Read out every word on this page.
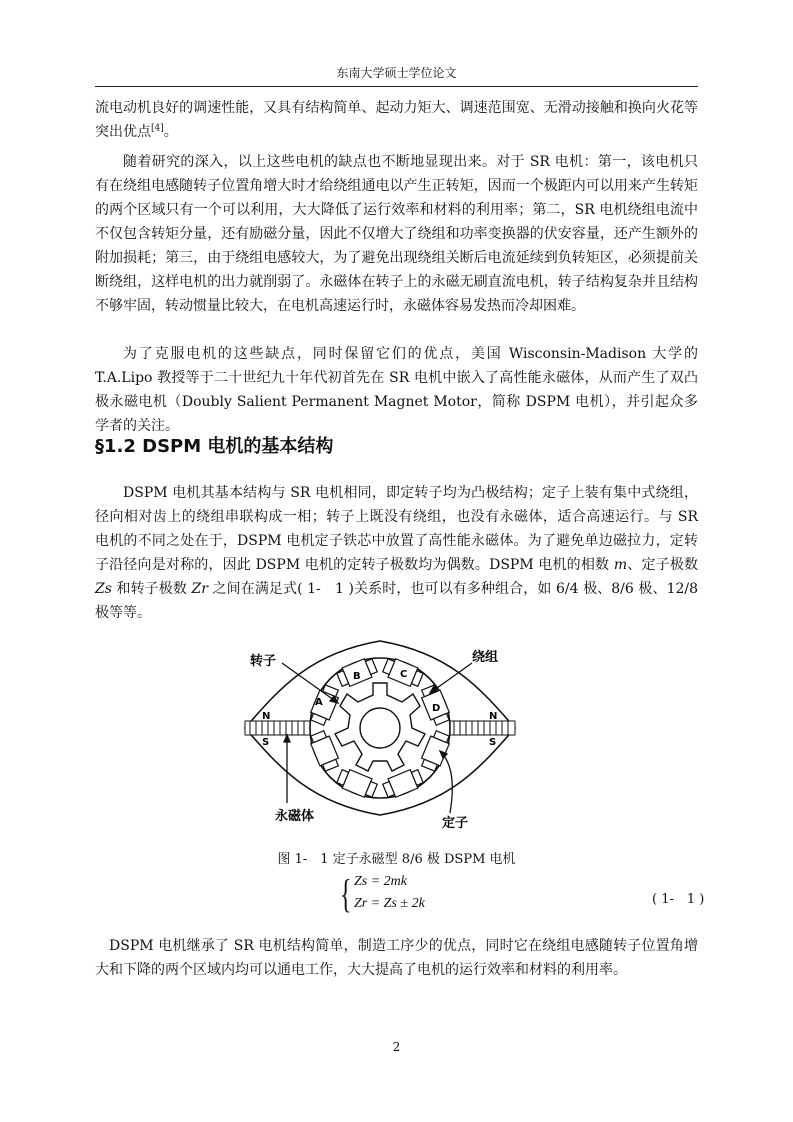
东南大学硕士学位论文

流电动机良好的调速性能，又具有结构简单、起动力矩大、调速范围宽、无滑动接触和换向火花等突出优点[4]。

随着研究的深入，以上这些电机的缺点也不断地显现出来。对于 SR 电机：第一，该电机只有在绕组电感随转子位置角增大时才给绕组通电以产生正转矩，因而一个极距内可以用来产生转矩的两个区域只有一个可以利用，大大降低了运行效率和材料的利用率；第二，SR 电机绕组电流中不仅包含转矩分量，还有励磁分量，因此不仅增大了绕组和功率变换器的伏安容量，还产生额外的附加损耗；第三，由于绕组电感较大，为了避免出现绕组关断后电流延续到负转矩区，必须提前关断绕组，这样电机的出力就削弱了。永磁体在转子上的永磁无刷直流电机，转子结构复杂并且结构不够牢固，转动惯量比较大，在电机高速运行时，永磁体容易发热而冷却困难。

为了克服电机的这些缺点，同时保留它们的优点，美国 Wisconsin-Madison 大学的 T.A.Lipo 教授等于二十世纪九十年代初首先在 SR 电机中嵌入了高性能永磁体，从而产生了双凸极永磁电机（Doubly Salient Permanent Magnet Motor，简称 DSPM 电机），并引起众多学者的关注。

§1.2 DSPM 电机的基本结构

DSPM 电机其基本结构与 SR 电机相同，即定转子均为凸极结构；定子上装有集中式绕组，径向相对齿上的绕组串联构成一相；转子上既没有绕组，也没有永磁体，适合高速运行。与 SR 电机的不同之处在于，DSPM 电机定子铁芯中放置了高性能永磁体。为了避免单边磁拉力，定转子沿径向是对称的，因此 DSPM 电机的定转子极数均为偶数。DSPM 电机的相数 m、定子极数 Zs 和转子极数 Zr 之间在满足式( 1-　1 )关系时，也可以有多种组合，如 6/4 极、8/6 极、12/8 极等等。

转子	绕组
永磁体	定子
A
B	C
D
N
S
N
S
图 1-　1 定子永磁型 8/6 极 DSPM 电机
{ Zs = 2mk
Zr = Zs ± 2k	( 1-　1 )

DSPM 电机继承了 SR 电机结构简单，制造工序少的优点，同时它在绕组电感随转子位置角增大和下降的两个区域内均可以通电工作，大大提高了电机的运行效率和材料的利用率。

2
